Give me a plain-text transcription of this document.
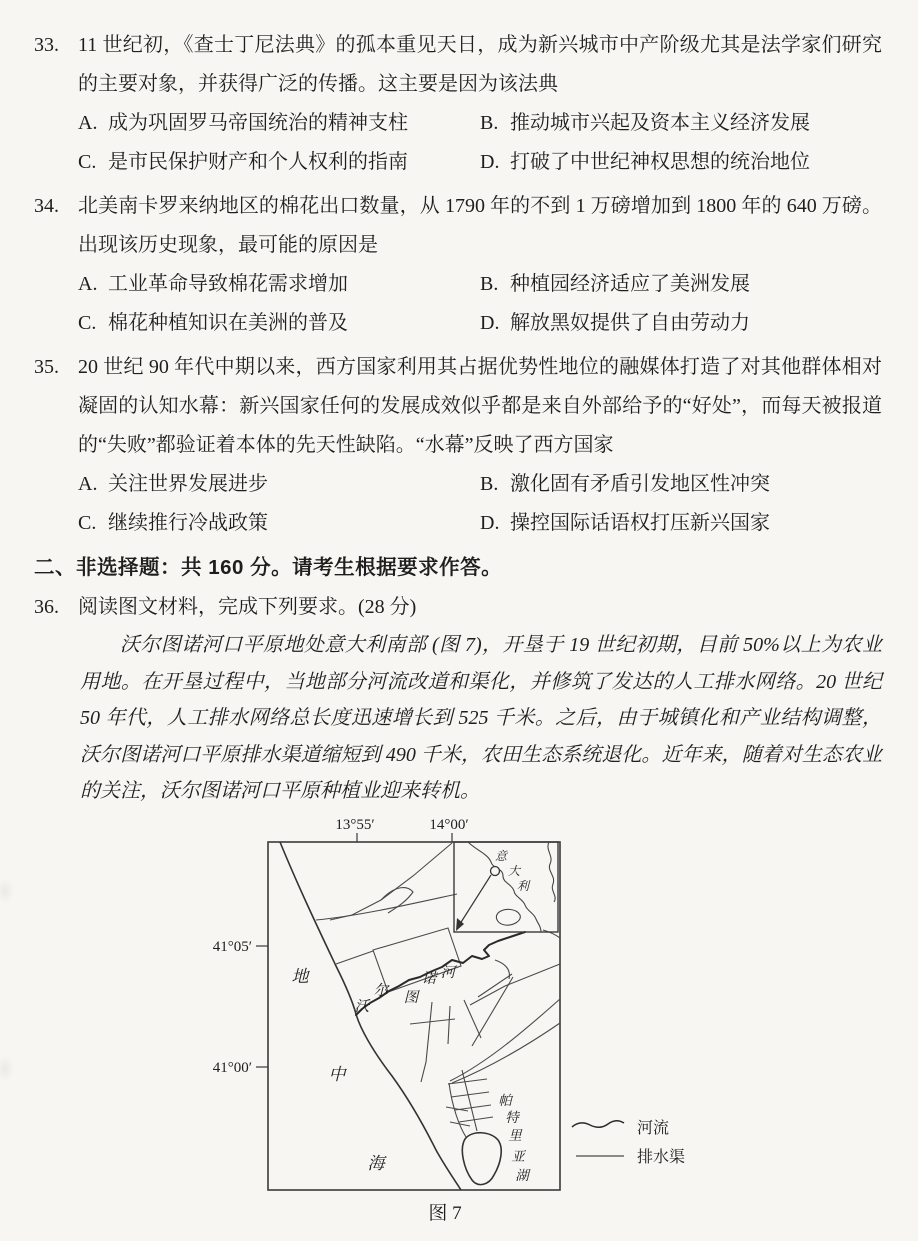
33. 11 世纪初，《查士丁尼法典》的孤本重见天日，成为新兴城市中产阶级尤其是法学家们研究的主要对象，并获得广泛的传播。这主要是因为该法典
A. 成为巩固罗马帝国统治的精神支柱	B. 推动城市兴起及资本主义经济发展
C. 是市民保护财产和个人权利的指南	D. 打破了中世纪神权思想的统治地位
34. 北美南卡罗来纳地区的棉花出口数量，从 1790 年的不到 1 万磅增加到 1800 年的 640 万磅。出现该历史现象，最可能的原因是
A. 工业革命导致棉花需求增加	B. 种植园经济适应了美洲发展
C. 棉花种植知识在美洲的普及	D. 解放黑奴提供了自由劳动力
35. 20 世纪 90 年代中期以来，西方国家利用其占据优势性地位的融媒体打造了对其他群体相对凝固的认知水幕：新兴国家任何的发展成效似乎都是来自外部给予的“好处”，而每天被报道的“失败”都验证着本体的先天性缺陷。“水幕”反映了西方国家
A. 关注世界发展进步	B. 激化固有矛盾引发地区性冲突
C. 继续推行冷战政策	D. 操控国际话语权打压新兴国家
二、非选择题：共 160 分。请考生根据要求作答。
36. 阅读图文材料，完成下列要求。(28 分)

沃尔图诺河口平原地处意大利南部 (图 7)，开垦于 19 世纪初期，目前 50%以上为农业用地。在开垦过程中，当地部分河流改道和渠化，并修筑了发达的人工排水网络。20 世纪 50 年代，人工排水网络总长度迅速增长到 525 千米。之后，由于城镇化和产业结构调整，沃尔图诺河口平原排水渠道缩短到 490 千米，农田生态系统退化。近年来，随着对生态农业的关注，沃尔图诺河口平原种植业迎来转机。

13°55′	14°00′
41°05′
41°00′
意
大
利
地
中
海
沃
尔 图
诺 河
帕
特
里
亚
湖
河流
排水渠
图 7
